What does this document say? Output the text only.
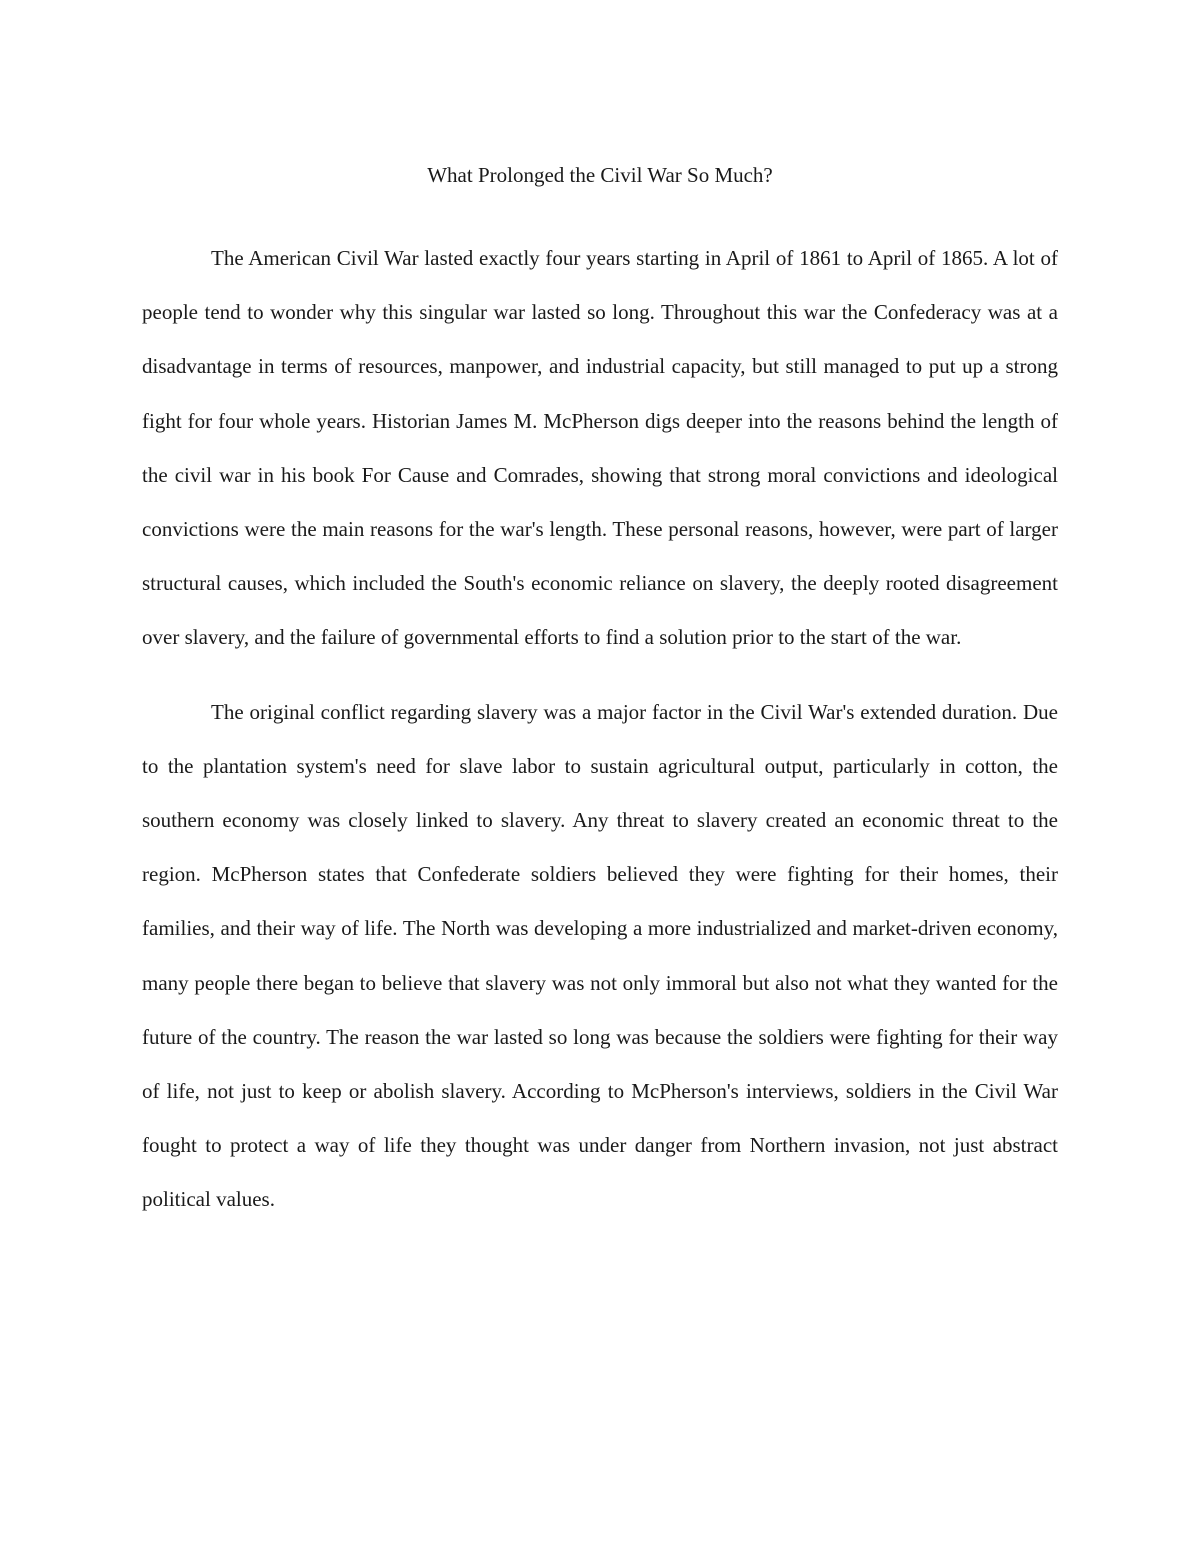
What Prolonged the Civil War So Much?

The American Civil War lasted exactly four years starting in April of 1861 to April of 1865. A lot of people tend to wonder why this singular war lasted so long. Throughout this war the Confederacy was at a disadvantage in terms of resources, manpower, and industrial capacity, but still managed to put up a strong fight for four whole years. Historian James M. McPherson digs deeper into the reasons behind the length of the civil war in his book For Cause and Comrades, showing that strong moral convictions and ideological convictions were the main reasons for the war's length. These personal reasons, however, were part of larger structural causes, which included the South's economic reliance on slavery, the deeply rooted disagreement over slavery, and the failure of governmental efforts to find a solution prior to the start of the war.

The original conflict regarding slavery was a major factor in the Civil War's extended duration. Due to the plantation system's need for slave labor to sustain agricultural output, particularly in cotton, the southern economy was closely linked to slavery. Any threat to slavery created an economic threat to the region. McPherson states that Confederate soldiers believed they were fighting for their homes, their families, and their way of life. The North was developing a more industrialized and market-driven economy, many people there began to believe that slavery was not only immoral but also not what they wanted for the future of the country. The reason the war lasted so long was because the soldiers were fighting for their way of life, not just to keep or abolish slavery. According to McPherson's interviews, soldiers in the Civil War fought to protect a way of life they thought was under danger from Northern invasion, not just abstract political values.
